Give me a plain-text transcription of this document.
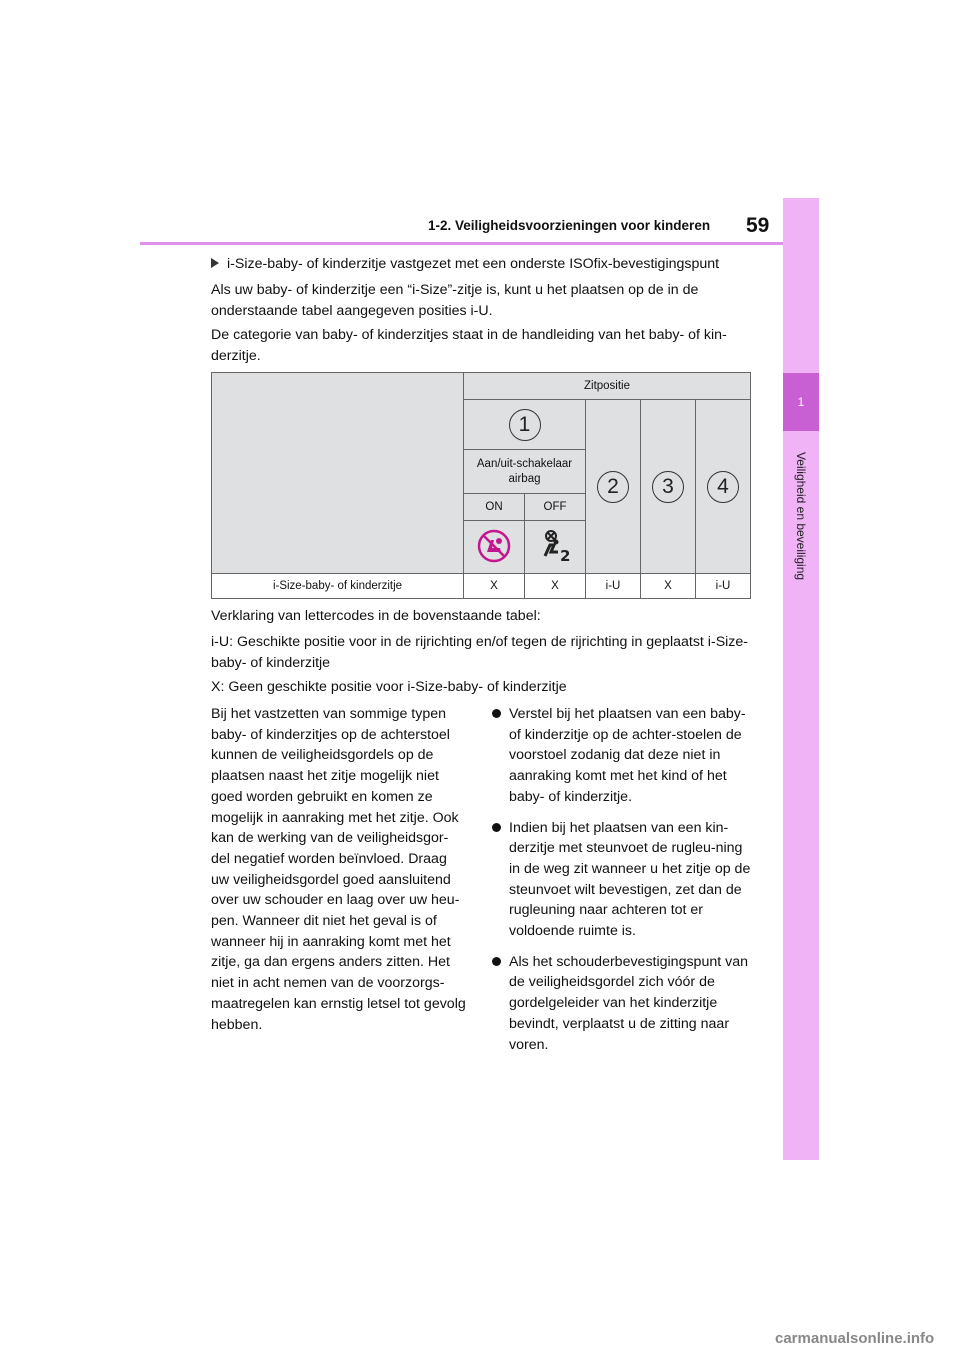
1
Veiligheid en beveiliging
1-2. Veiligheidsvoorzieningen voor kinderen 59

i-Size-baby- of kinderzitje vastgezet met een onderste ISOfix-bevestigingspunt

Als uw baby- of kinderzitje een “i-Size”-zitje is, kunt u het plaatsen op de in de onderstaande tabel aangegeven posities i-U.

De categorie van baby- of kinderzitjes staat in de handleiding van het baby- of kin-derzitje.

	Zitpositie				
	1		2	3	4
	Aan/uit-schakelaar airbag				
	ON	OFF			

2			

i-Size-baby- of kinderzitje	X	X	i-U	X	i-U

Verklaring van lettercodes in de bovenstaande tabel:

i-U: Geschikte positie voor in de rijrichting en/of tegen de rijrichting in geplaatst i-Size-baby- of kinderzitje

X: Geen geschikte positie voor i-Size-baby- of kinderzitje

Bij het vastzetten van sommige typen baby- of kinderzitjes op de achterstoel kunnen de veiligheidsgordels op de plaatsen naast het zitje mogelijk niet goed worden gebruikt en komen ze mogelijk in aanraking met het zitje. Ook kan de werking van de veiligheidsgor-del negatief worden beïnvloed. Draag uw veiligheidsgordel goed aansluitend over uw schouder en laag over uw heu-pen. Wanneer dit niet het geval is of wanneer hij in aanraking komt met het zitje, ga dan ergens anders zitten. Het niet in acht nemen van de voorzorgs-maatregelen kan ernstig letsel tot gevolg hebben.

Verstel bij het plaatsen van een baby- of kinderzitje op de achter-stoelen de voorstoel zodanig dat deze niet in aanraking komt met het kind of het baby- of kinderzitje.

Indien bij het plaatsen van een kin-derzitje met steunvoet de rugleu-ning in de weg zit wanneer u het zitje op de steunvoet wilt bevestigen, zet dan de rugleuning naar achteren tot er voldoende ruimte is.

Als het schouderbevestigingspunt van de veiligheidsgordel zich vóór de gordelgeleider van het kinderzitje bevindt, verplaatst u de zitting naar voren.

carmanualsonline.info
